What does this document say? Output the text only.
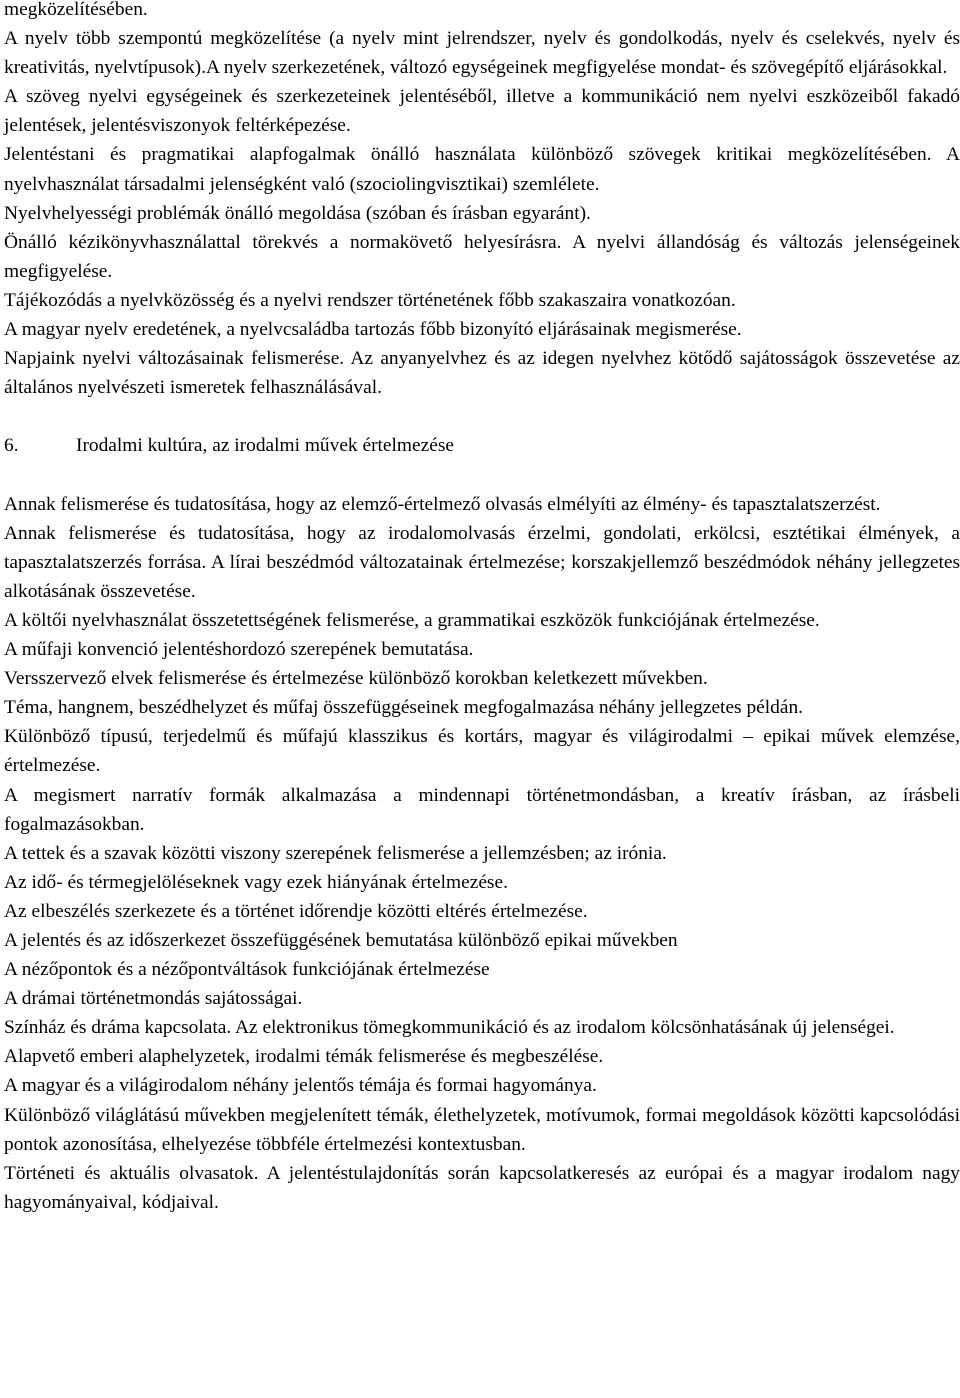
megközelítésében.

A nyelv több szempontú megközelítése (a nyelv mint jelrendszer, nyelv és gondolkodás, nyelv és cselekvés, nyelv és kreativitás, nyelvtípusok).A nyelv szerkezetének, változó egységeinek megfigyelése mondat- és szövegépítő eljárásokkal.

A szöveg nyelvi egységeinek és szerkezeteinek jelentéséből, illetve a kommunikáció nem nyelvi eszközeiből fakadó jelentések, jelentésviszonyok feltérképezése.

Jelentéstani és pragmatikai alapfogalmak önálló használata különböző szövegek kritikai megközelítésében. A nyelvhasználat társadalmi jelenségként való (szociolingvisztikai) szemlélete.

Nyelvhelyességi problémák önálló megoldása (szóban és írásban egyaránt).

Önálló kézikönyvhasználattal törekvés a normakövető helyesírásra. A nyelvi állandóság és változás jelenségeinek megfigyelése.

Tájékozódás a nyelvközösség és a nyelvi rendszer történetének főbb szakaszaira vonatkozóan.

A magyar nyelv eredetének, a nyelvcsaládba tartozás főbb bizonyító eljárásainak megismerése.

Napjaink nyelvi változásainak felismerése. Az anyanyelvhez és az idegen nyelvhez kötődő sajátosságok összevetése az általános nyelvészeti ismeretek felhasználásával.

6.	Irodalmi kultúra, az irodalmi művek értelmezése

Annak felismerése és tudatosítása, hogy az elemző-értelmező olvasás elmélyíti az élmény- és tapasztalatszerzést.

Annak felismerése és tudatosítása, hogy az irodalomolvasás érzelmi, gondolati, erkölcsi, esztétikai élmények, a tapasztalatszerzés forrása. A lírai beszédmód változatainak értelmezése; korszakjellemző beszédmódok néhány jellegzetes alkotásának összevetése.

A költői nyelvhasználat összetettségének felismerése, a grammatikai eszközök funkciójának értelmezése.

A műfaji konvenció jelentéshordozó szerepének bemutatása.

Versszervező elvek felismerése és értelmezése különböző korokban keletkezett művekben.

Téma, hangnem, beszédhelyzet és műfaj összefüggéseinek megfogalmazása néhány jellegzetes példán.

Különböző típusú, terjedelmű és műfajú klasszikus és kortárs, magyar és világirodalmi – epikai művek elemzése, értelmezése.

A megismert narratív formák alkalmazása a mindennapi történetmondásban, a kreatív írásban, az írásbeli fogalmazásokban.

A tettek és a szavak közötti viszony szerepének felismerése a jellemzésben; az irónia.

Az idő- és térmegjelöléseknek vagy ezek hiányának értelmezése.

Az elbeszélés szerkezete és a történet időrendje közötti eltérés értelmezése.

A jelentés és az időszerkezet összefüggésének bemutatása különböző epikai művekben

A nézőpontok és a nézőpontváltások funkciójának értelmezése

A drámai történetmondás sajátosságai.

Színház és dráma kapcsolata. Az elektronikus tömegkommunikáció és az irodalom kölcsönhatásának új jelenségei.

Alapvető emberi alaphelyzetek, irodalmi témák felismerése és megbeszélése.

A magyar és a világirodalom néhány jelentős témája és formai hagyománya.

Különböző világlátású művekben megjelenített témák, élethelyzetek, motívumok, formai megoldások közötti kapcsolódási pontok azonosítása, elhelyezése többféle értelmezési kontextusban.

Történeti és aktuális olvasatok. A jelentéstulajdonítás során kapcsolatkeresés az európai és a magyar irodalom nagy hagyományaival, kódjaival.
